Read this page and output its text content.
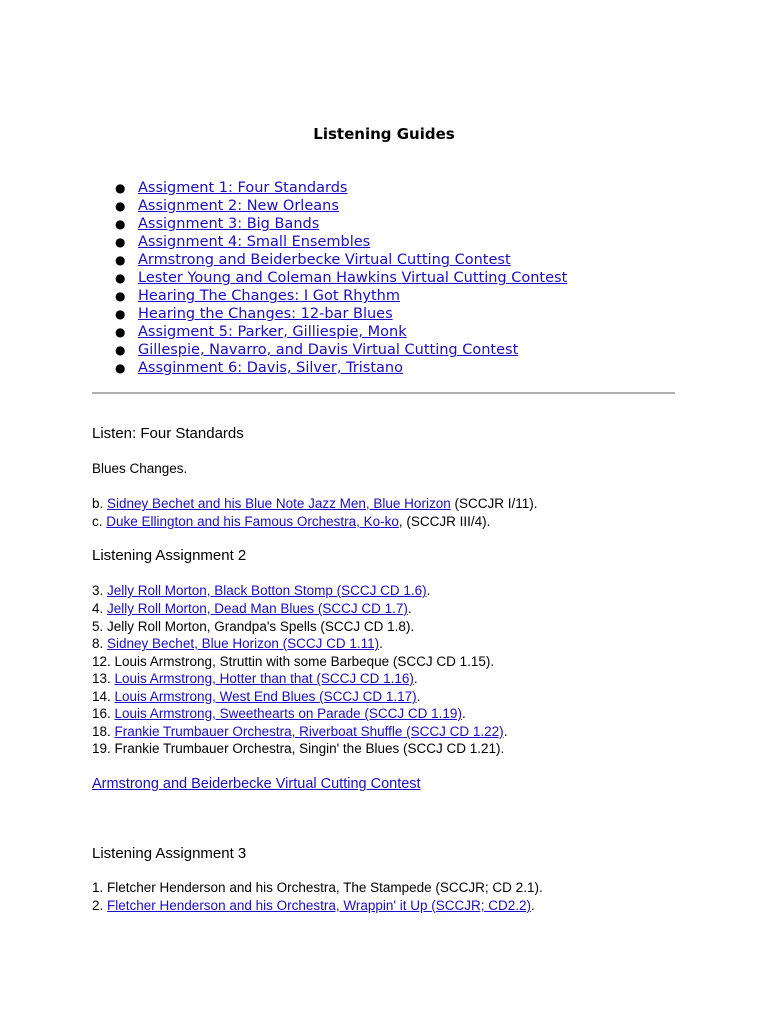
Listening Guides
● Assigment 1: Four Standards
● Assignment 2: New Orleans
● Assignment 3: Big Bands
● Assignment 4: Small Ensembles
● Armstrong and Beiderbecke Virtual Cutting Contest
● Lester Young and Coleman Hawkins Virtual Cutting Contest
● Hearing The Changes: I Got Rhythm
● Hearing the Changes: 12-bar Blues
● Assigment 5: Parker, Gilliespie, Monk
● Gillespie, Navarro, and Davis Virtual Cutting Contest
● Assginment 6: Davis, Silver, Tristano
Listen: Four Standards
Blues Changes.
b. Sidney Bechet and his Blue Note Jazz Men, Blue Horizon (SCCJR I/11).
c. Duke Ellington and his Famous Orchestra, Ko-ko, (SCCJR III/4).
Listening Assignment 2
3. Jelly Roll Morton, Black Botton Stomp (SCCJ CD 1.6).
4. Jelly Roll Morton, Dead Man Blues (SCCJ CD 1.7).
5. Jelly Roll Morton, Grandpa's Spells (SCCJ CD 1.8).
8. Sidney Bechet, Blue Horizon (SCCJ CD 1.11).
12. Louis Armstrong, Struttin with some Barbeque (SCCJ CD 1.15).
13. Louis Armstrong, Hotter than that (SCCJ CD 1.16).
14. Louis Armstrong, West End Blues (SCCJ CD 1.17).
16. Louis Armstrong, Sweethearts on Parade (SCCJ CD 1.19).
18. Frankie Trumbauer Orchestra, Riverboat Shuffle (SCCJ CD 1.22).
19. Frankie Trumbauer Orchestra, Singin' the Blues (SCCJ CD 1.21).
Armstrong and Beiderbecke Virtual Cutting Contest
Listening Assignment 3
1. Fletcher Henderson and his Orchestra, The Stampede (SCCJR; CD 2.1).
2. Fletcher Henderson and his Orchestra, Wrappin' it Up (SCCJR; CD2.2).
